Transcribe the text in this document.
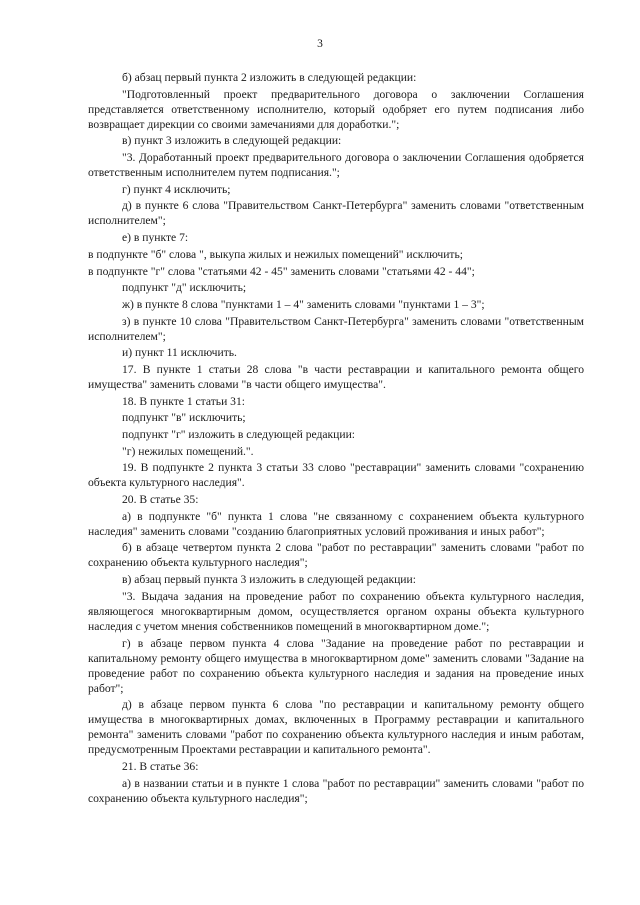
3

б) абзац первый пункта 2 изложить в следующей редакции:

"Подготовленный проект предварительного договора о заключении Соглашения представляется ответственному исполнителю, который одобряет его путем подписания либо возвращает дирекции со своими замечаниями для доработки.";

в) пункт 3 изложить в следующей редакции:

"3. Доработанный проект предварительного договора о заключении Соглашения одобряется ответственным исполнителем путем подписания.";

г) пункт 4 исключить;

д) в пункте 6 слова "Правительством Санкт-Петербурга" заменить словами "ответственным исполнителем";

е) в пункте 7:

в подпункте "б" слова ", выкупа жилых и нежилых помещений" исключить;

в подпункте "г" слова "статьями 42 - 45" заменить словами "статьями 42 - 44";

подпункт "д" исключить;

ж) в пункте 8 слова "пунктами 1 – 4" заменить словами "пунктами 1 – 3";

з) в пункте 10 слова "Правительством Санкт-Петербурга" заменить словами "ответственным исполнителем";

и) пункт 11 исключить.

17. В пункте 1 статьи 28 слова "в части реставрации и капитального ремонта общего имущества" заменить словами "в части общего имущества".

18. В пункте 1 статьи 31:

подпункт "в" исключить;

подпункт "г" изложить в следующей редакции:

"г) нежилых помещений.".

19. В подпункте 2 пункта 3 статьи 33 слово "реставрации" заменить словами "сохранению объекта культурного наследия".

20. В статье 35:

а) в подпункте "б" пункта 1 слова "не связанному с сохранением объекта культурного наследия" заменить словами "созданию благоприятных условий проживания и иных работ";

б) в абзаце четвертом пункта 2 слова "работ по реставрации" заменить словами "работ по сохранению объекта культурного наследия";

в) абзац первый пункта 3 изложить в следующей редакции:

"3. Выдача задания на проведение работ по сохранению объекта культурного наследия, являющегося многоквартирным домом, осуществляется органом охраны объекта культурного наследия с учетом мнения собственников помещений в многоквартирном доме.";

г) в абзаце первом пункта 4 слова "Задание на проведение работ по реставрации и капитальному ремонту общего имущества в многоквартирном доме" заменить словами "Задание на проведение работ по сохранению объекта культурного наследия и задания на проведение иных работ";

д) в абзаце первом пункта 6 слова "по реставрации и капитальному ремонту общего имущества в многоквартирных домах, включенных в Программу реставрации и капитального ремонта" заменить словами "работ по сохранению объекта культурного наследия и иным работам, предусмотренным Проектами реставрации и капитального ремонта".

21. В статье 36:

а) в названии статьи и в пункте 1 слова "работ по реставрации" заменить словами "работ по сохранению объекта культурного наследия";
